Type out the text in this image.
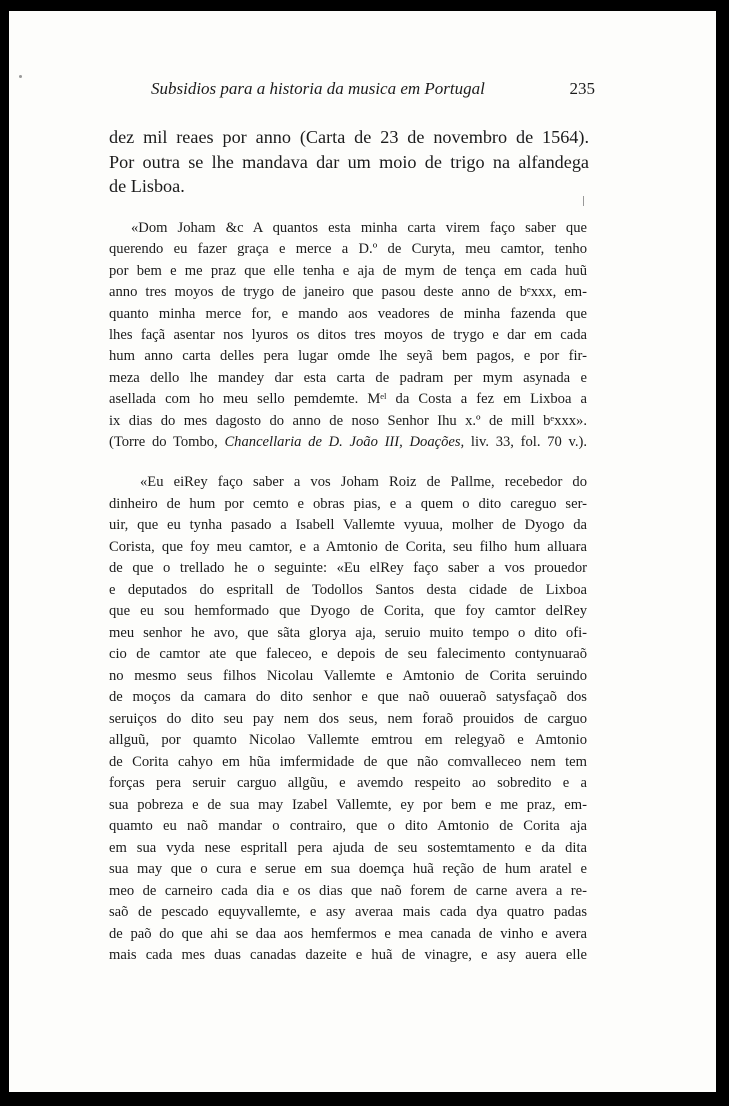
Subsidios para a historia da musica em Portugal	235
dez mil reaes por anno (Carta de 23 de novembro de 1564).
Por outra se lhe mandava dar um moio de trigo na alfandega
de Lisboa.
«Dom Joham &c A quantos esta minha carta virem faço saber que
querendo eu fazer graça e merce a D.º de Curyta, meu camtor, tenho
por bem e me praz que elle tenha e aja de mym de tença em cada huũ
anno tres moyos de trygo de janeiro que pasou deste anno de bᵉxxx, em-
quanto minha merce for, e mando aos veadores de minha fazenda que
lhes façã asentar nos lyuros os ditos tres moyos de trygo e dar em cada
hum anno carta delles pera lugar omde lhe seyã bem pagos, e por fir-
meza dello lhe mandey dar esta carta de padram per mym asynada e
asellada com ho meu sello pemdemte. Mᵉˡ da Costa a fez em Lixboa a
ix dias do mes dagosto do anno de noso Senhor Ihu x.º de mill bᵉxxx».
(Torre do Tombo, Chancellaria de D. João III, Doações, liv. 33, fol. 70 v.).
«Eu eiRey faço saber a vos Joham Roiz de Pallme, recebedor do
dinheiro de hum por cemto e obras pias, e a quem o dito careguo ser-
uir, que eu tynha pasado a Isabell Vallemte vyuua, molher de Dyogo da
Corista, que foy meu camtor, e a Amtonio de Corita, seu filho hum alluara
de que o trellado he o seguinte: «Eu elRey faço saber a vos prouedor
e deputados do espritall de Todollos Santos desta cidade de Lixboa
que eu sou hemformado que Dyogo de Corita, que foy camtor delRey
meu senhor he avo, que sãta glorya aja, seruio muito tempo o dito ofi-
cio de camtor ate que faleceo, e depois de seu falecimento contynuaraõ
no mesmo seus filhos Nicolau Vallemte e Amtonio de Corita seruindo
de moços da camara do dito senhor e que naõ ouueraõ satysfaçaõ dos
seruiços do dito seu pay nem dos seus, nem foraõ prouidos de carguo
allguũ, por quamto Nicolao Vallemte emtrou em relegyaõ e Amtonio
de Corita cahyo em hũa imfermidade de que não comvalleceo nem tem
forças pera seruir carguo allgũu, e avemdo respeito ao sobredito e a
sua pobreza e de sua may Izabel Vallemte, ey por bem e me praz, em-
quamto eu naõ mandar o contrairo, que o dito Amtonio de Corita aja
em sua vyda nese espritall pera ajuda de seu sostemtamento e da dita
sua may que o cura e serue em sua doemça huã reção de hum aratel e
meo de carneiro cada dia e os dias que naõ forem de carne avera a re-
saõ de pescado equyvallemte, e asy averaa mais cada dya quatro padas
de paõ do que ahi se daa aos hemfermos e mea canada de vinho e avera
mais cada mes duas canadas dazeite e huã de vinagre, e asy auera elle
